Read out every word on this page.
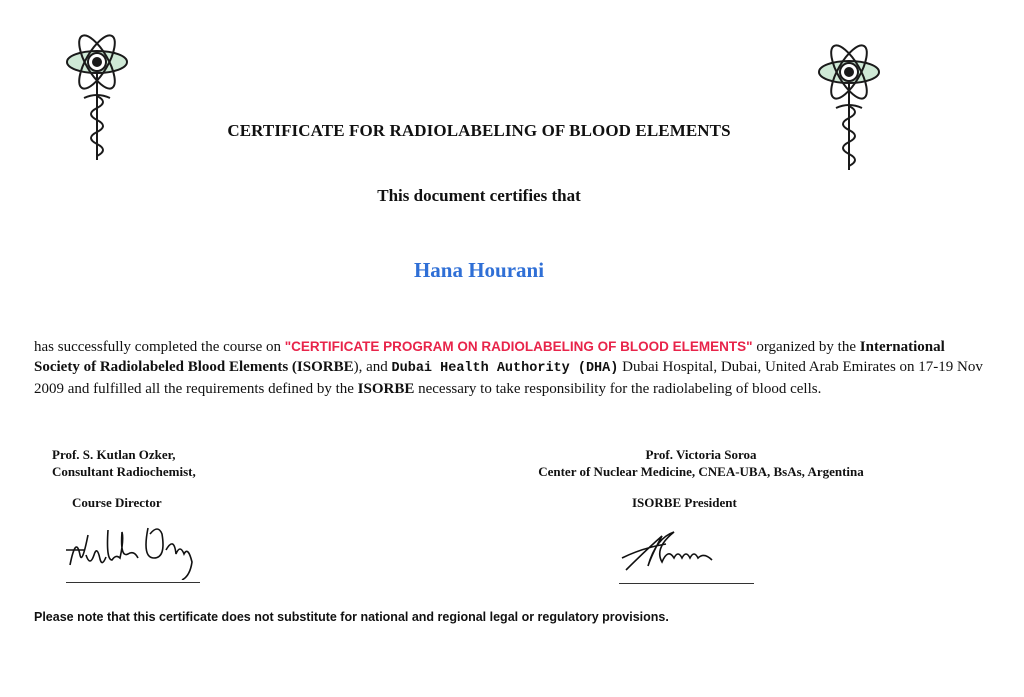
CERTIFICATE FOR RADIOLABELING OF BLOOD ELEMENTS
This document certifies that
Hana Hourani
has successfully completed the course on "CERTIFICATE PROGRAM ON RADIOLABELING OF BLOOD ELEMENTS" organized by the International Society of Radiolabeled Blood Elements (ISORBE), and Dubai Health Authority (DHA) Dubai Hospital, Dubai, United Arab Emirates on 17-19 Nov 2009 and fulfilled all the requirements defined by the ISORBE necessary to take responsibility for the radiolabeling of blood cells.
Prof. S. Kutlan Ozker,
Consultant Radiochemist,
Course Director
Prof. Victoria Soroa
Center of Nuclear Medicine, CNEA-UBA, BsAs, Argentina
ISORBE President
Please note that this certificate does not substitute for national and regional legal or regulatory provisions.
